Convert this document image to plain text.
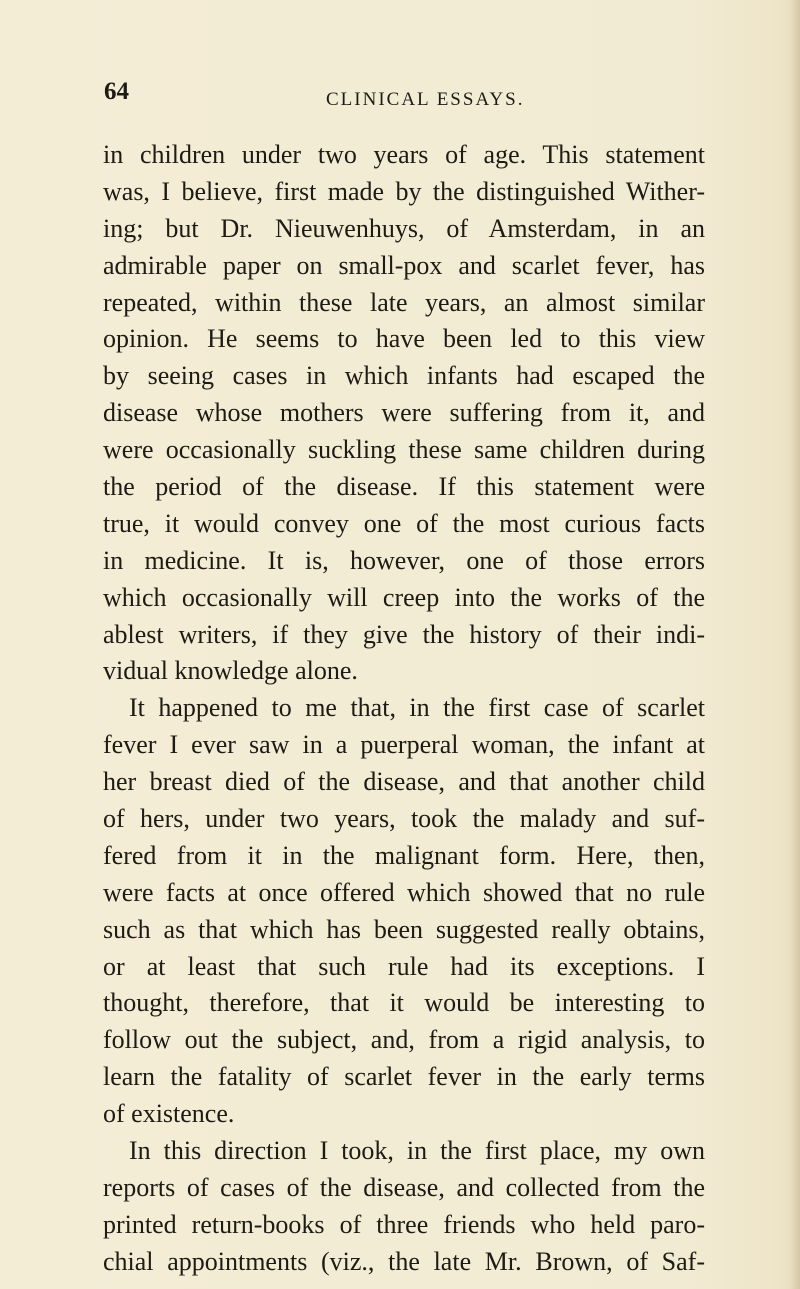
64	CLINICAL ESSAYS.
in children under two years of age. This statement
was, I believe, first made by the distinguished Wither-
ing; but Dr. Nieuwenhuys, of Amsterdam, in an
admirable paper on small-pox and scarlet fever, has
repeated, within these late years, an almost similar
opinion. He seems to have been led to this view
by seeing cases in which infants had escaped the
disease whose mothers were suffering from it, and
were occasionally suckling these same children during
the period of the disease. If this statement were
true, it would convey one of the most curious facts
in medicine. It is, however, one of those errors
which occasionally will creep into the works of the
ablest writers, if they give the history of their indi-
vidual knowledge alone.
It happened to me that, in the first case of scarlet
fever I ever saw in a puerperal woman, the infant at
her breast died of the disease, and that another child
of hers, under two years, took the malady and suf-
fered from it in the malignant form. Here, then,
were facts at once offered which showed that no rule
such as that which has been suggested really obtains,
or at least that such rule had its exceptions. I
thought, therefore, that it would be interesting to
follow out the subject, and, from a rigid analysis, to
learn the fatality of scarlet fever in the early terms
of existence.
In this direction I took, in the first place, my own
reports of cases of the disease, and collected from the
printed return-books of three friends who held paro-
chial appointments (viz., the late Mr. Brown, of Saf-
